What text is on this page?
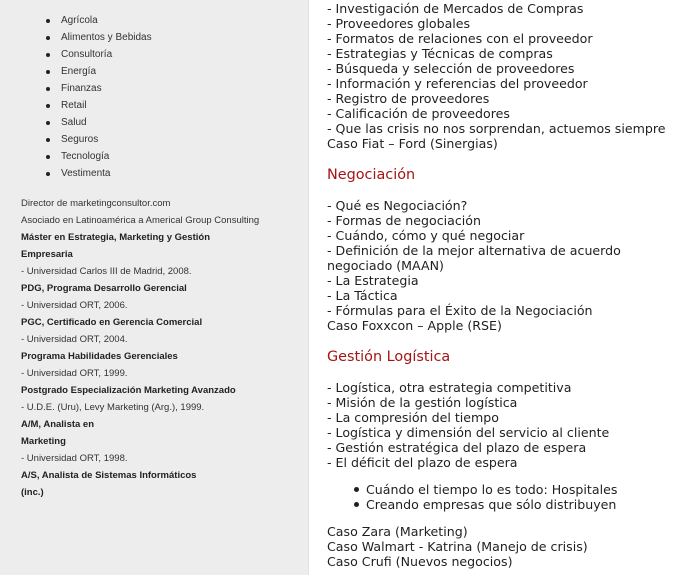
Agrícola
Alimentos y Bebidas
Consultoría
Energía
Finanzas
Retail
Salud
Seguros
Tecnología
Vestimenta
Director de marketingconsultor.com
Asociado en Latinoamérica a Americal Group Consulting
Máster en Estrategia, Marketing y Gestión
Empresaria
- Universidad Carlos III de Madrid, 2008.
PDG, Programa Desarrollo Gerencial
- Universidad ORT, 2006.
PGC, Certificado en Gerencia Comercial
- Universidad ORT, 2004.
Programa Habilidades Gerenciales
- Universidad ORT, 1999.
Postgrado Especialización Marketing Avanzado
- U.D.E. (Uru), Levy Marketing (Arg.), 1999.
A/M, Analista en
Marketing
- Universidad ORT, 1998.
A/S, Analista de Sistemas Informáticos
(inc.)
- Investigación de Mercados de Compras
- Proveedores globales
- Formatos de relaciones con el proveedor
- Estrategias y Técnicas de compras
- Búsqueda y selección de proveedores
- Información y referencias del proveedor
- Registro de proveedores
- Calificación de proveedores
- Que las crisis no nos sorprendan, actuemos siempre
Caso Fiat – Ford (Sinergias)
Negociación
- Qué es Negociación?
- Formas de negociación
- Cuándo, cómo y qué negociar
- Definición de la mejor alternativa de acuerdo
negociado (MAAN)
- La Estrategia
- La Táctica
- Fórmulas para el Éxito de la Negociación
Caso Foxxcon – Apple (RSE)
Gestión Logística
- Logística, otra estrategia competitiva
- Misión de la gestión logística
- La compresión del tiempo
- Logística y dimensión del servicio al cliente
- Gestión estratégica del plazo de espera
- El déficit del plazo de espera
Cuándo el tiempo lo es todo: Hospitales
Creando empresas que sólo distribuyen
Caso Zara (Marketing)
Caso Walmart - Katrina (Manejo de crisis)
Caso Crufi (Nuevos negocios)
